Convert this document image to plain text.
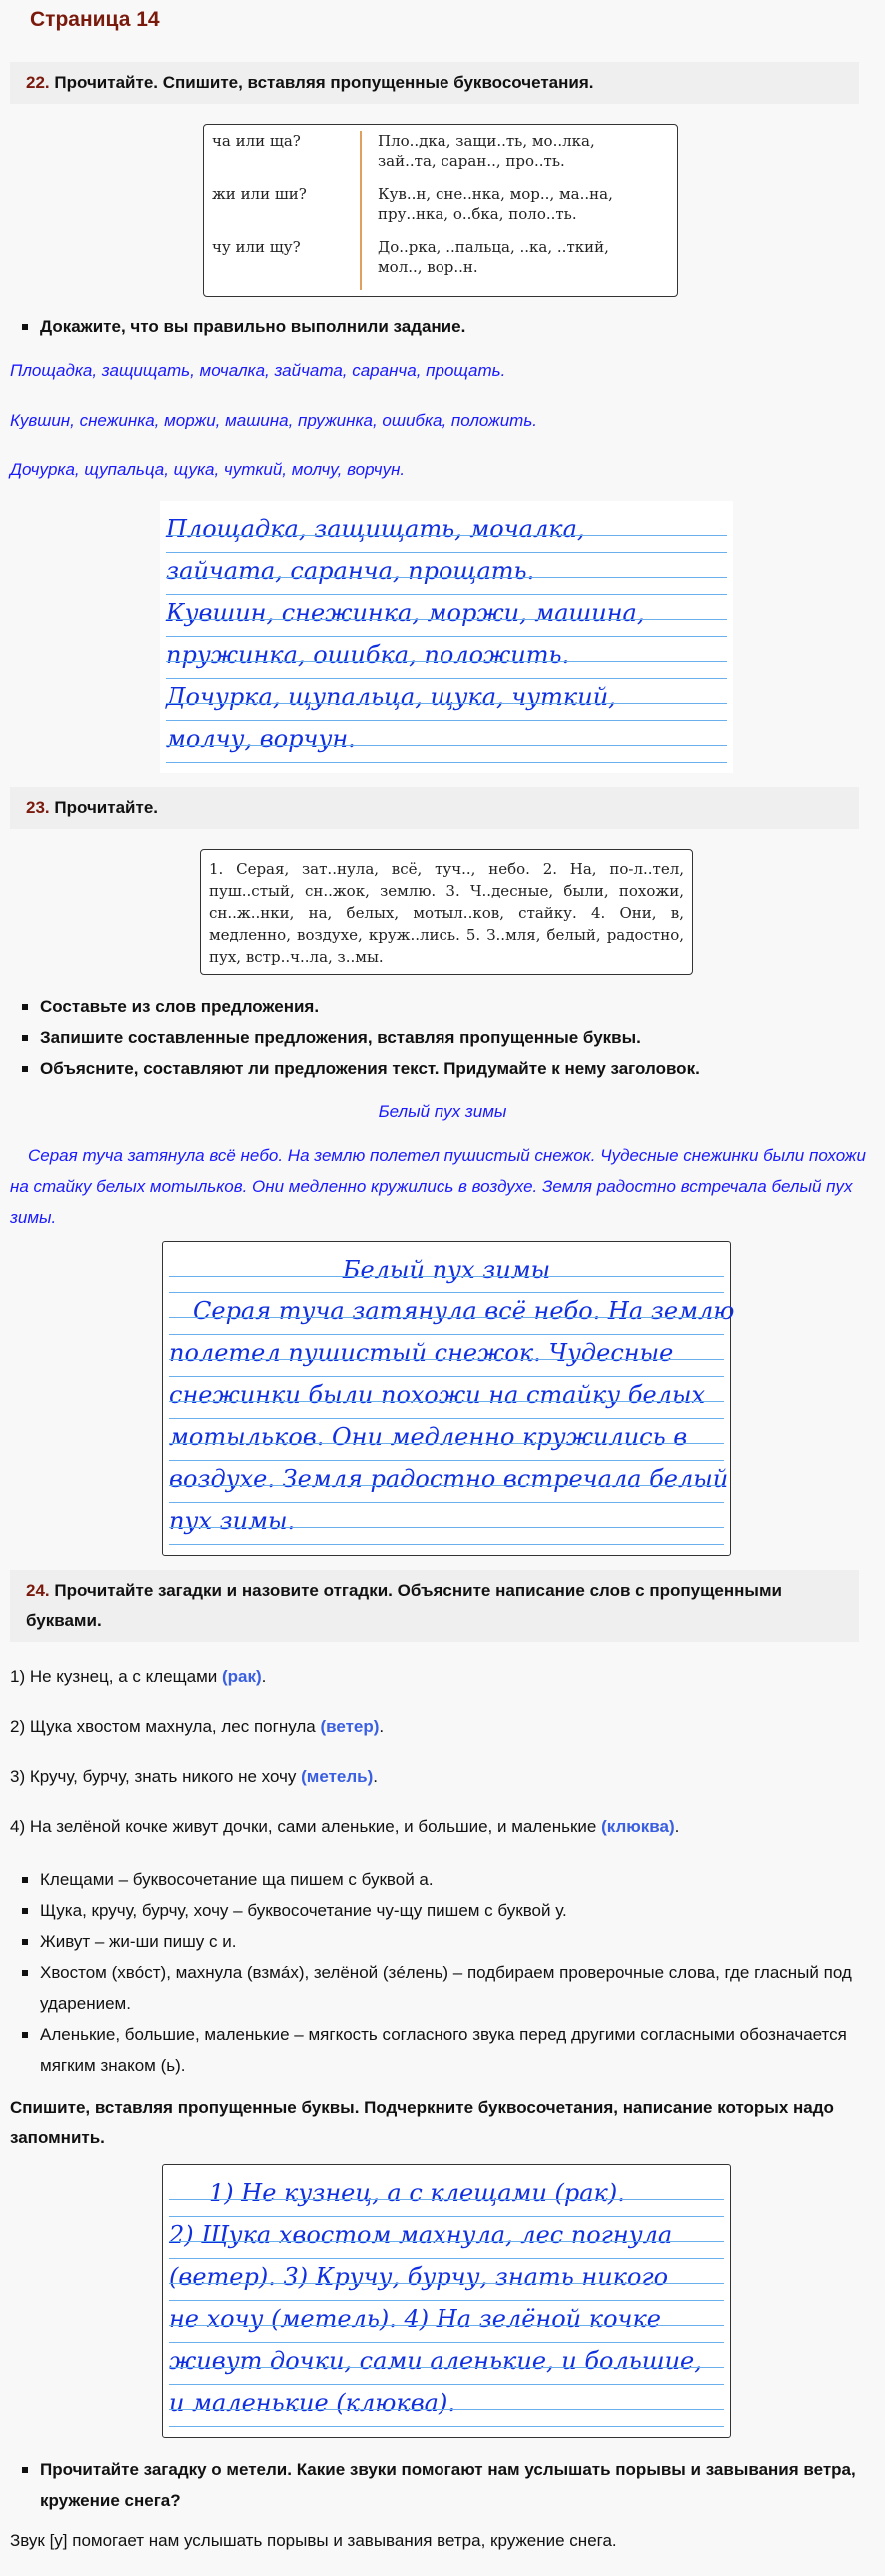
Страница 14
22. Прочитайте. Спишите, вставляя пропущенные буквосочетания.
ча или ща?
жи или ши?
чу или щу?
Пло..дка, защи..ть, мо..лка,
зай..та, саран.., про..ть.
Кув..н, сне..нка, мор.., ма..на,
пру..нка, о..бка, поло..ть.
До..рка, ..пальца, ..ка, ..ткий,
мол.., вор..н.
Докажите, что вы правильно выполнили задание.
Площадка, защищать, мочалка, зайчата, саранча, прощать.
Кувшин, снежинка, моржи, машина, пружинка, ошибка, положить.
Дочурка, щупальца, щука, чуткий, молчу, ворчун.
Площадка, защищать, мочалка,
зайчата, саранча, прощать.
Кувшин, снежинка, моржи, машина,
пружинка, ошибка, положить.
Дочурка, щупальца, щука, чуткий,
молчу, ворчун.
23. Прочитайте.
1. Серая, зат..нула, всё, туч.., небо. 2. На, по-л..тел, пуш..стый, сн..жок, землю. 3. Ч..десные, были, похожи, сн..ж..нки, на, белых, мотыл..ков, стайку. 4. Они, в, медленно, воздухе, круж..лись. 5. З..мля, белый, радостно, пух, встр..ч..ла, з..мы.
Составьте из слов предложения.
Запишите составленные предложения, вставляя пропущенные буквы.
Объясните, составляют ли предложения текст. Придумайте к нему заголовок.
Белый пух зимы

Серая туча затянула всё небо. На землю полетел пушистый снежок. Чудесные снежинки были похожи на стайку белых мотыльков. Они медленно кружились в воздухе. Земля радостно встречала белый пух зимы.

Белый пух зимы
Серая туча затянула всё небо. На землю
полетел пушистый снежок. Чудесные
снежинки были похожи на стайку белых
мотыльков. Они медленно кружились в
воздухе. Земля радостно встречала белый
пух зимы.
24. Прочитайте загадки и назовите отгадки. Объясните написание слов с пропущенными буквами.
1) Не кузнец, а с клещами (рак).
2) Щука хвостом махнула, лес погнула (ветер).
3) Кручу, бурчу, знать никого не хочу (метель).
4) На зелёной кочке живут дочки, сами аленькие, и большие, и маленькие (клюква).
Клещами – буквосочетание ща пишем с буквой а.
Щука, кручу, бурчу, хочу – буквосочетание чу-щу пишем с буквой у.
Живут – жи-ши пишу с и.
Хвостом (хвóст), махнула (взмáх), зелёной (зéлень) – подбираем проверочные слова, где гласный под ударением.
Аленькие, большие, маленькие – мягкость согласного звука перед другими согласными обозначается мягким знаком (ь).

Спишите, вставляя пропущенные буквы. Подчеркните буквосочетания, написание которых надо запомнить.

1) Не кузнец, а с клещами (рак).
2) Щука хвостом махнула, лес погнула
(ветер). 3) Кручу, бурчу, знать никого
не хочу (метель). 4) На зелёной кочке
живут дочки, сами аленькие, и большие,
и маленькие (клюква).
Прочитайте загадку о метели. Какие звуки помогают нам услышать порывы и завывания ветра, кружение снега?

Звук [у] помогает нам услышать порывы и завывания ветра, кружение снега.
